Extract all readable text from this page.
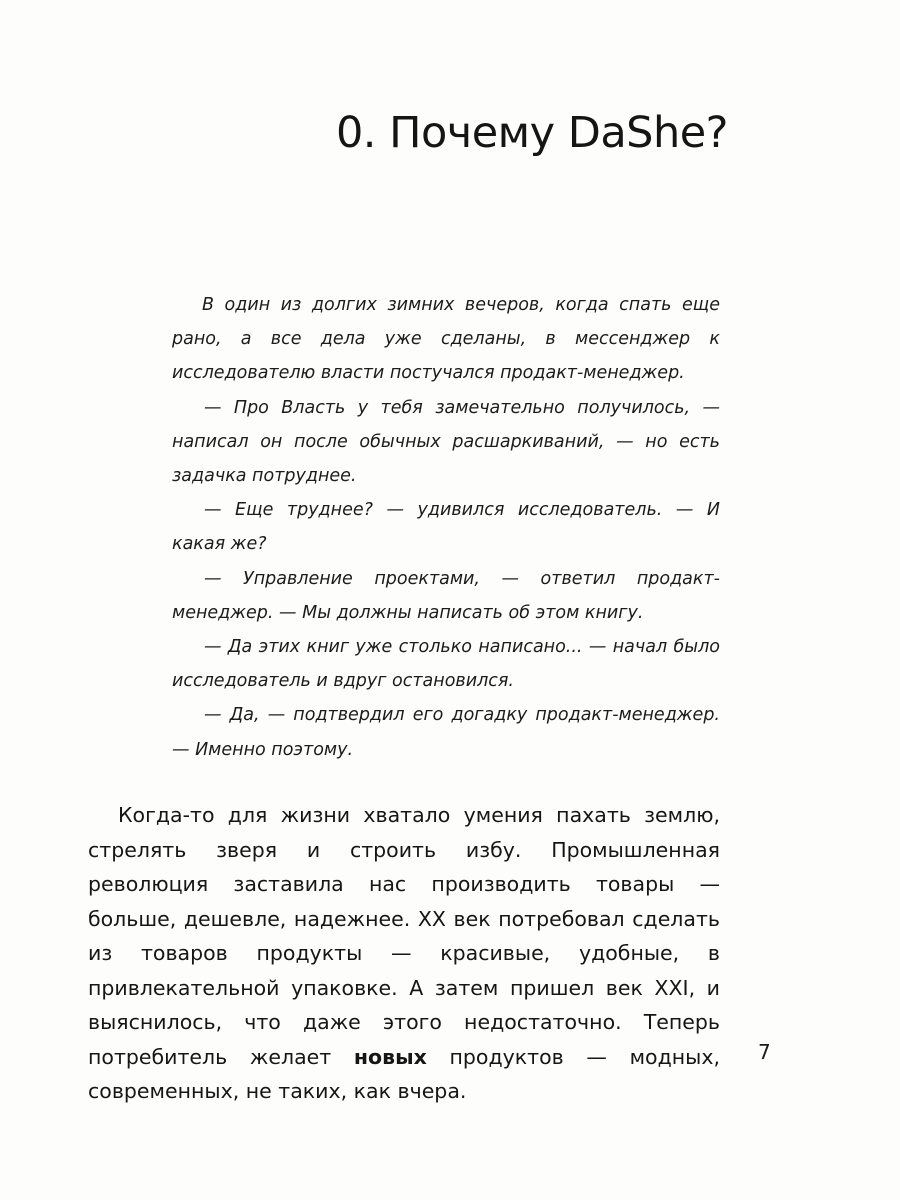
0. Почему DaShe?

В один из долгих зимних вечеров, когда спать еще рано, а все дела уже сделаны, в мессенджер к исследователю власти постучался продакт-менеджер.

— Про Власть у тебя замечательно получилось, — написал он после обычных расшаркиваний, — но есть задачка потруднее.

— Еще труднее? — удивился исследователь. — И какая же?

— Управление проектами, — ответил продакт-менеджер. — Мы должны написать об этом книгу.

— Да этих книг уже столько написано... — начал было исследователь и вдруг остановился.

— Да, — подтвердил его догадку продакт-менеджер. — Именно поэтому.

Когда-то для жизни хватало умения пахать землю, стрелять зверя и строить избу. Промышленная революция заставила нас производить товары — больше, дешевле, надежнее. XX век потребовал сделать из товаров продукты — красивые, удобные, в привлекательной упаковке. А затем пришел век XXI, и выяснилось, что даже этого недостаточно. Теперь потребитель желает новых продуктов — модных, современных, не таких, как вчера.

7
